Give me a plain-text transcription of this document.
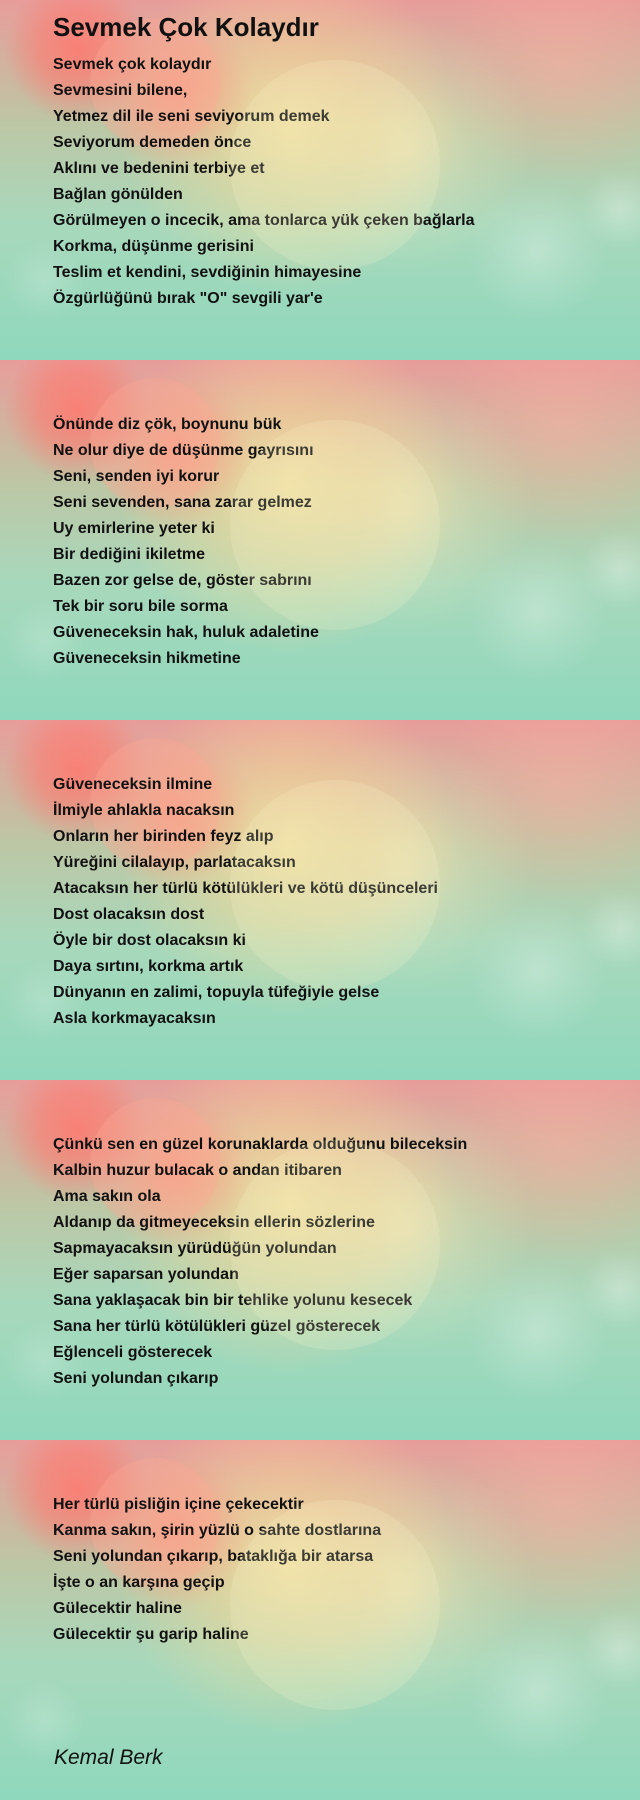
Sevmek Çok Kolaydır
Sevmek çok kolaydır
Sevmesini bilene,
Yetmez dil ile seni seviyorum demek
Seviyorum demeden önce
Aklını ve bedenini terbiye et
Bağlan gönülden
Görülmeyen o incecik, ama tonlarca yük çeken bağlarla
Korkma, düşünme gerisini
Teslim et kendini, sevdiğinin himayesine
Özgürlüğünü bırak "O" sevgili yar'e
Önünde diz çök, boynunu bük
Ne olur diye de düşünme gayrısını
Seni, senden iyi korur
Seni sevenden, sana zarar gelmez
Uy emirlerine yeter ki
Bir dediğini ikiletme
Bazen zor gelse de, göster sabrını
Tek bir soru bile sorma
Güveneceksin hak, huluk adaletine
Güveneceksin hikmetine
Güveneceksin ilmine
İlmiyle ahlakla nacaksın
Onların her birinden feyz alıp
Yüreğini cilalayıp, parlatacaksın
Atacaksın her türlü kötülükleri ve kötü düşünceleri
Dost olacaksın dost
Öyle bir dost olacaksın ki
Daya sırtını, korkma artık
Dünyanın en zalimi, topuyla tüfeğiyle gelse
Asla korkmayacaksın
Çünkü sen en güzel korunaklarda olduğunu bileceksin
Kalbin huzur bulacak o andan itibaren
Ama sakın ola
Aldanıp da gitmeyeceksin ellerin sözlerine
Sapmayacaksın yürüdüğün yolundan
Eğer saparsan yolundan
Sana yaklaşacak bin bir tehlike yolunu kesecek
Sana her türlü kötülükleri güzel gösterecek
Eğlenceli gösterecek
Seni yolundan çıkarıp
Her türlü pisliğin içine çekecektir
Kanma sakın, şirin yüzlü o sahte dostlarına
Seni yolundan çıkarıp, bataklığa bir atarsa
İşte o an karşına geçip
Gülecektir haline
Gülecektir şu garip haline
Kemal Berk
